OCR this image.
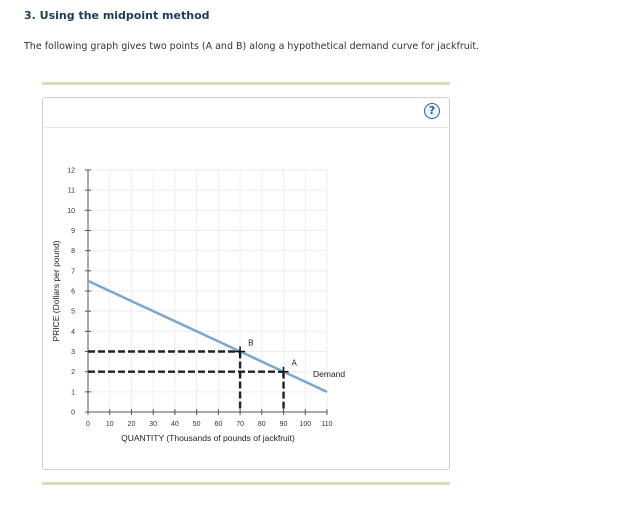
3. Using the midpoint method
The following graph gives two points (A and B) along a hypothetical demand curve for jackfruit.
?
0 10 20 30 40 50 60 70 80 90 100 110
0
1
2
3
4
5
6
7
8
9
10
11
12
Demand
B
A
QUANTITY (Thousands of pounds of jackfruit)
PRICE (Dollars per pound)
